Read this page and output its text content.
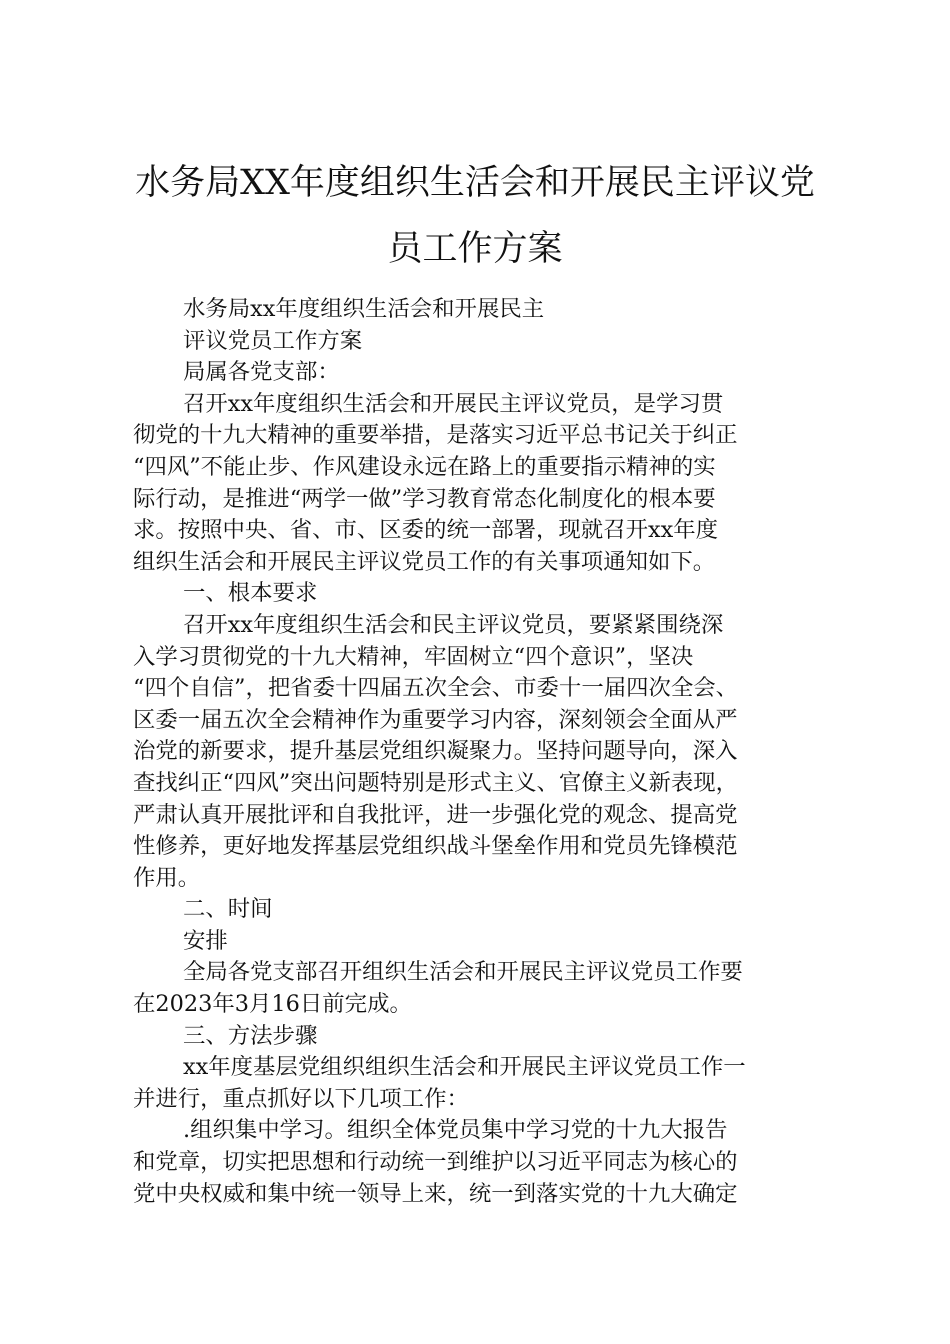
水务局XX年度组织生活会和开展民主评议党
员工作方案
水务局xx年度组织生活会和开展民主
评议党员工作方案
局属各党支部：
召开xx年度组织生活会和开展民主评议党员，是学习贯
彻党的十九大精神的重要举措，是落实习近平总书记关于纠正
“四风”不能止步、作风建设永远在路上的重要指示精神的实
际行动，是推进“两学一做”学习教育常态化制度化的根本要
求。按照中央、省、市、区委的统一部署，现就召开xx年度
组织生活会和开展民主评议党员工作的有关事项通知如下。
一、根本要求
召开xx年度组织生活会和民主评议党员，要紧紧围绕深
入学习贯彻党的十九大精神，牢固树立“四个意识”，坚决
“四个自信”，把省委十四届五次全会、市委十一届四次全会、
区委一届五次全会精神作为重要学习内容，深刻领会全面从严
治党的新要求，提升基层党组织凝聚力。坚持问题导向，深入
查找纠正“四风”突出问题特别是形式主义、官僚主义新表现，
严肃认真开展批评和自我批评，进一步强化党的观念、提高党
性修养，更好地发挥基层党组织战斗堡垒作用和党员先锋模范
作用。
二、时间
安排
全局各党支部召开组织生活会和开展民主评议党员工作要
在2023年3月16日前完成。
三、方法步骤
xx年度基层党组织组织生活会和开展民主评议党员工作一
并进行，重点抓好以下几项工作：
.组织集中学习。组织全体党员集中学习党的十九大报告
和党章，切实把思想和行动统一到维护以习近平同志为核心的
党中央权威和集中统一领导上来，统一到落实党的十九大确定
